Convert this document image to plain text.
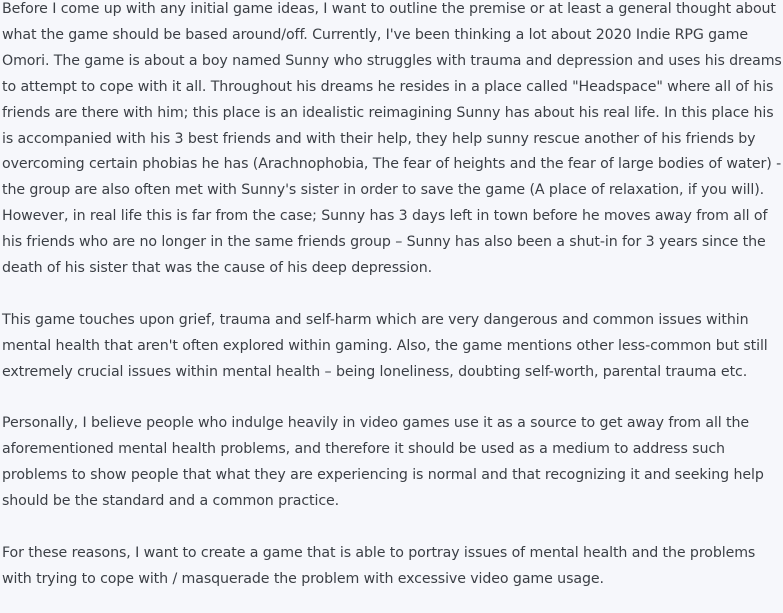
Before I come up with any initial game ideas, I want to outline the premise or at least a general thought about what the game should be based around/off. Currently, I've been thinking a lot about 2020 Indie RPG game Omori. The game is about a boy named Sunny who struggles with trauma and depression and uses his dreams to attempt to cope with it all. Throughout his dreams he resides in a place called "Headspace" where all of his friends are there with him; this place is an idealistic reimagining Sunny has about his real life. In this place his is accompanied with his 3 best friends and with their help, they help sunny rescue another of his friends by overcoming certain phobias he has (Arachnophobia, The fear of heights and the fear of large bodies of water) - the group are also often met with Sunny's sister in order to save the game (A place of relaxation, if you will). However, in real life this is far from the case; Sunny has 3 days left in town before he moves away from all of his friends who are no longer in the same friends group – Sunny has also been a shut-in for 3 years since the death of his sister that was the cause of his deep depression.

This game touches upon grief, trauma and self-harm which are very dangerous and common issues within mental health that aren't often explored within gaming. Also, the game mentions other less-common but still extremely crucial issues within mental health – being loneliness, doubting self-worth, parental trauma etc.

Personally, I believe people who indulge heavily in video games use it as a source to get away from all the aforementioned mental health problems, and therefore it should be used as a medium to address such problems to show people that what they are experiencing is normal and that recognizing it and seeking help should be the standard and a common practice.

For these reasons, I want to create a game that is able to portray issues of mental health and the problems with trying to cope with / masquerade the problem with excessive video game usage.
